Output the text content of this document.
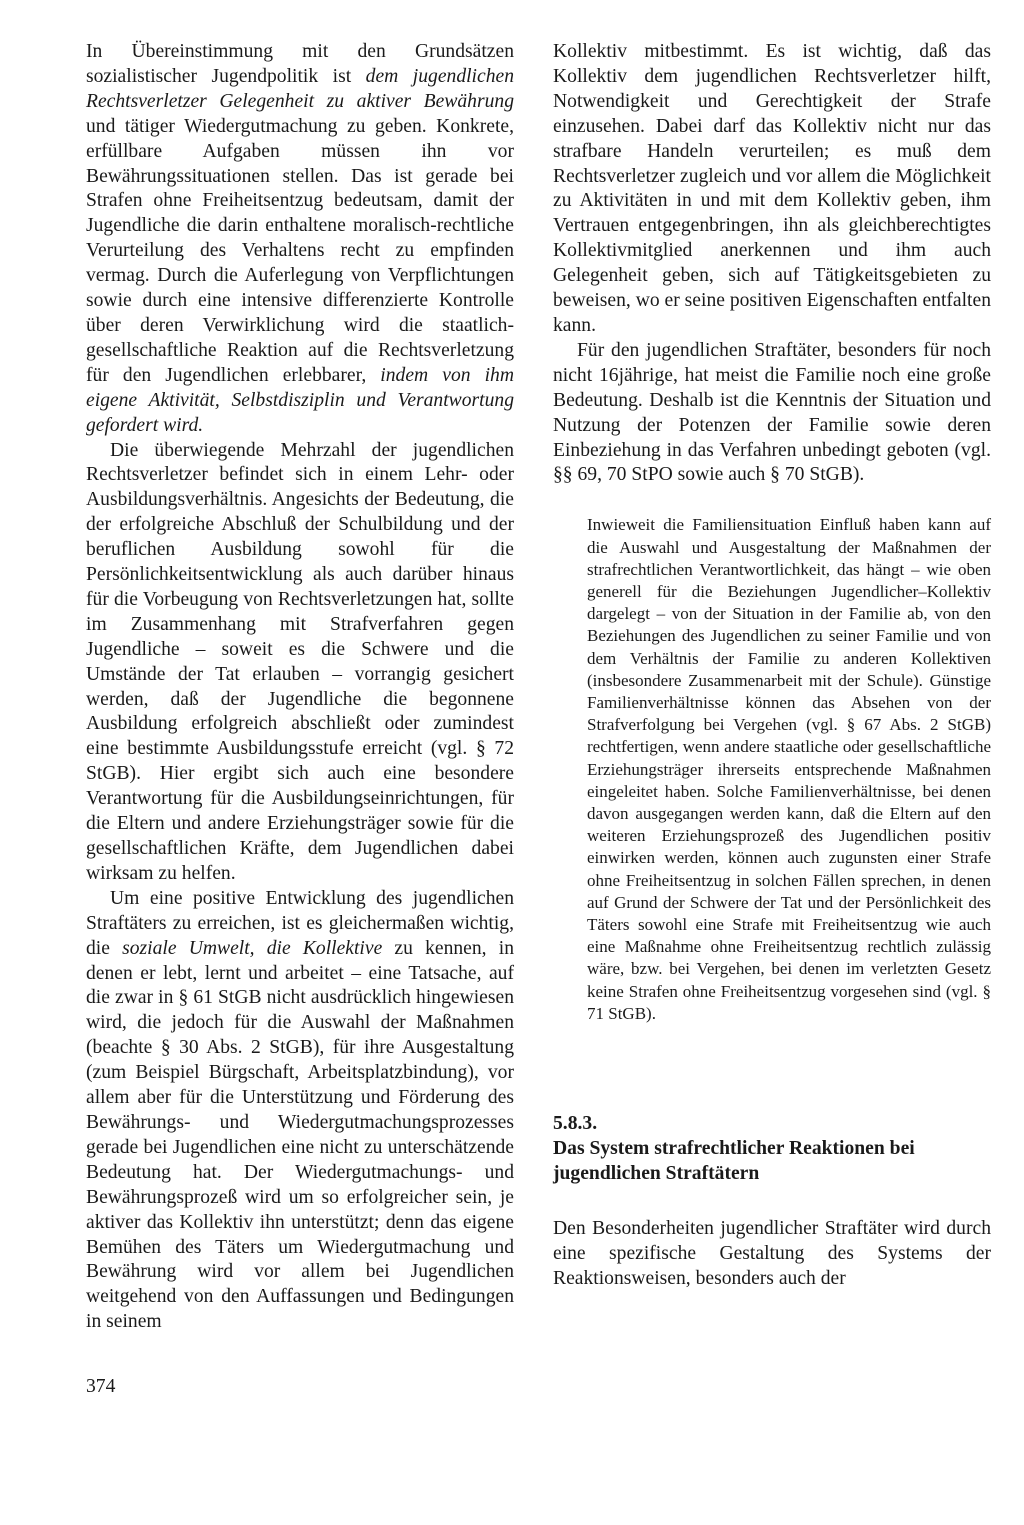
In Übereinstimmung mit den Grundsätzen sozialistischer Jugendpolitik ist dem jugendlichen Rechtsverletzer Gelegenheit zu aktiver Bewährung und tätiger Wiedergutmachung zu geben. Konkrete, erfüllbare Aufgaben müssen ihn vor Bewährungssituationen stellen. Das ist gerade bei Strafen ohne Freiheitsentzug bedeutsam, damit der Jugendliche die darin enthaltene moralisch-rechtliche Verurteilung des Verhaltens recht zu empfinden vermag. Durch die Auferlegung von Verpflichtungen sowie durch eine intensive differenzierte Kontrolle über deren Verwirklichung wird die staatlich-gesellschaftliche Reaktion auf die Rechtsverletzung für den Jugendlichen erlebbarer, indem von ihm eigene Aktivität, Selbstdisziplin und Verantwortung gefordert wird.

Die überwiegende Mehrzahl der jugendlichen Rechtsverletzer befindet sich in einem Lehr- oder Ausbildungsverhältnis. Angesichts der Bedeutung, die der erfolgreiche Abschluß der Schulbildung und der beruflichen Ausbildung sowohl für die Persönlichkeitsentwicklung als auch darüber hinaus für die Vorbeugung von Rechtsverletzungen hat, sollte im Zusammenhang mit Strafverfahren gegen Jugendliche – soweit es die Schwere und die Umstände der Tat erlauben – vorrangig gesichert werden, daß der Jugendliche die begonnene Ausbildung erfolgreich abschließt oder zumindest eine bestimmte Ausbildungsstufe erreicht (vgl. § 72 StGB). Hier ergibt sich auch eine besondere Verantwortung für die Ausbildungseinrichtungen, für die Eltern und andere Erziehungsträger sowie für die gesellschaftlichen Kräfte, dem Jugendlichen dabei wirksam zu helfen.

Um eine positive Entwicklung des jugendlichen Straftäters zu erreichen, ist es gleichermaßen wichtig, die soziale Umwelt, die Kollektive zu kennen, in denen er lebt, lernt und arbeitet – eine Tatsache, auf die zwar in § 61 StGB nicht ausdrücklich hingewiesen wird, die jedoch für die Auswahl der Maßnahmen (beachte § 30 Abs. 2 StGB), für ihre Ausgestaltung (zum Beispiel Bürgschaft, Arbeitsplatzbindung), vor allem aber für die Unterstützung und Förderung des Bewährungs- und Wiedergutmachungsprozesses gerade bei Jugendlichen eine nicht zu unterschätzende Bedeutung hat. Der Wiedergutmachungs- und Bewährungsprozeß wird um so erfolgreicher sein, je aktiver das Kollektiv ihn unterstützt; denn das eigene Bemühen des Täters um Wiedergutmachung und Bewährung wird vor allem bei Jugendlichen weitgehend von den Auffassungen und Bedingungen in seinem

Kollektiv mitbestimmt. Es ist wichtig, daß das Kollektiv dem jugendlichen Rechtsverletzer hilft, Notwendigkeit und Gerechtigkeit der Strafe einzusehen. Dabei darf das Kollektiv nicht nur das strafbare Handeln verurteilen; es muß dem Rechtsverletzer zugleich und vor allem die Möglichkeit zu Aktivitäten in und mit dem Kollektiv geben, ihm Vertrauen entgegenbringen, ihn als gleichberechtigtes Kollektivmitglied anerkennen und ihm auch Gelegenheit geben, sich auf Tätigkeitsgebieten zu beweisen, wo er seine positiven Eigenschaften entfalten kann.

Für den jugendlichen Straftäter, besonders für noch nicht 16jährige, hat meist die Familie noch eine große Bedeutung. Deshalb ist die Kenntnis der Situation und Nutzung der Potenzen der Familie sowie deren Einbeziehung in das Verfahren unbedingt geboten (vgl. §§ 69, 70 StPO sowie auch § 70 StGB).

Inwieweit die Familiensituation Einfluß haben kann auf die Auswahl und Ausgestaltung der Maßnahmen der strafrechtlichen Verantwortlichkeit, das hängt – wie oben generell für die Beziehungen Jugendlicher–Kollektiv dargelegt – von der Situation in der Familie ab, von den Beziehungen des Jugendlichen zu seiner Familie und von dem Verhältnis der Familie zu anderen Kollektiven (insbesondere Zusammenarbeit mit der Schule). Günstige Familienverhältnisse können das Absehen von der Strafverfolgung bei Vergehen (vgl. § 67 Abs. 2 StGB) rechtfertigen, wenn andere staatliche oder gesellschaftliche Erziehungsträger ihrerseits entsprechende Maßnahmen eingeleitet haben. Solche Familienverhältnisse, bei denen davon ausgegangen werden kann, daß die Eltern auf den weiteren Erziehungsprozeß des Jugendlichen positiv einwirken werden, können auch zugunsten einer Strafe ohne Freiheitsentzug in solchen Fällen sprechen, in denen auf Grund der Schwere der Tat und der Persönlichkeit des Täters sowohl eine Strafe mit Freiheitsentzug wie auch eine Maßnahme ohne Freiheitsentzug rechtlich zulässig wäre, bzw. bei Vergehen, bei denen im verletzten Gesetz keine Strafen ohne Freiheitsentzug vorgesehen sind (vgl. § 71 StGB).

5.8.3.
Das System strafrechtlicher Reaktionen bei jugendlichen Straftätern

Den Besonderheiten jugendlicher Straftäter wird durch eine spezifische Gestaltung des Systems der Reaktionsweisen, besonders auch der

374
